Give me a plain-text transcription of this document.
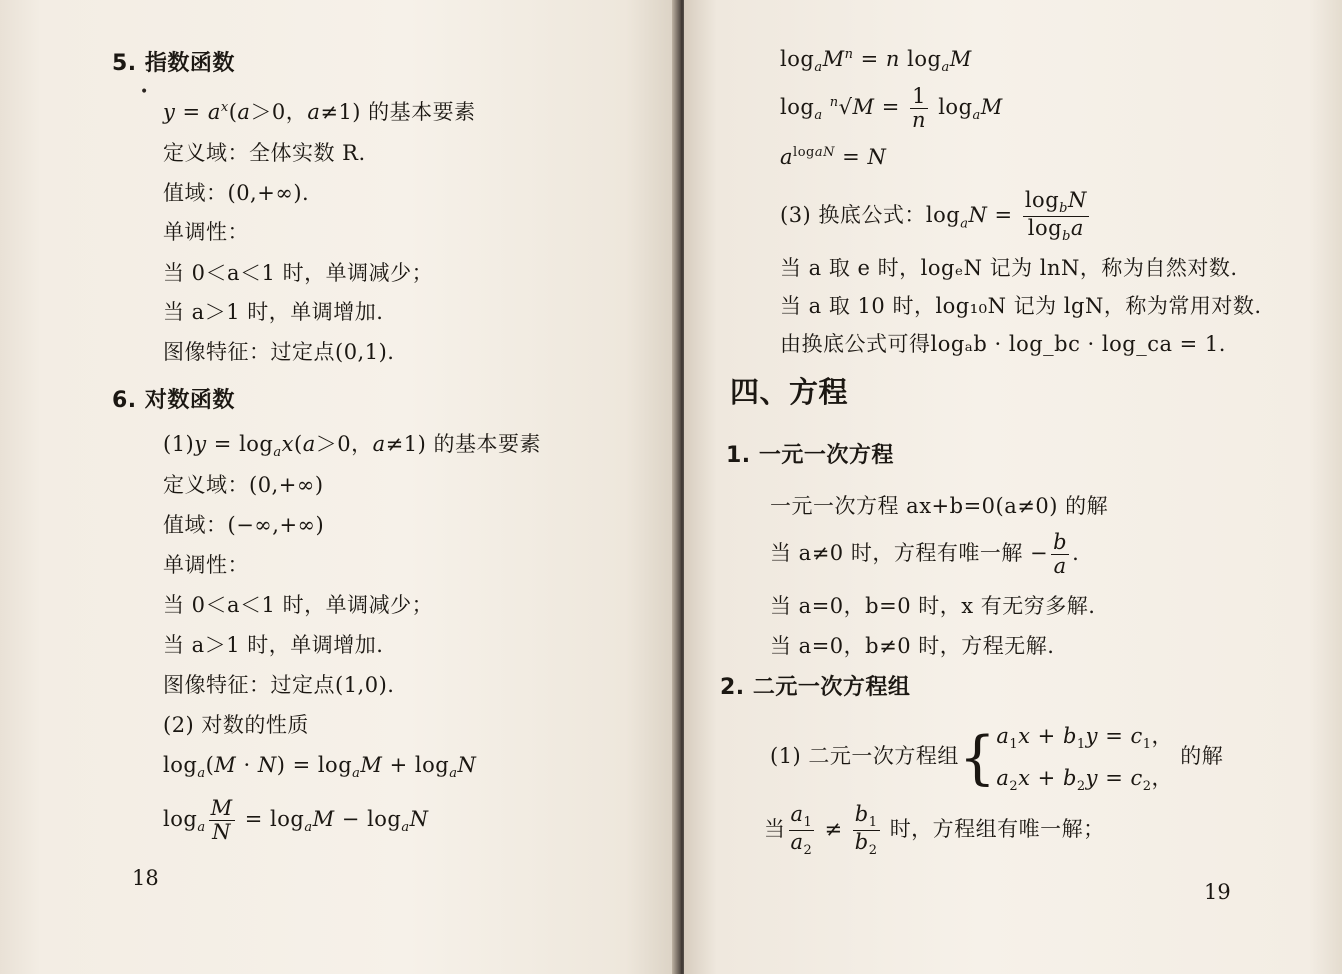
5. 指数函数
•
$y = a^x(a>0$，a≠1) 的基本要素
定义域：全体实数 R.
值域：(0,+∞).
单调性：
当 0＜a＜1 时，单调减少；
当 a＞1 时，单调增加.
图像特征：过定点(0,1).
6. 对数函数
$(1)y = \log_ax(a>0$，a≠1) 的基本要素
定义域：(0,+∞)
值域：(−∞,+∞)
单调性：
当 0＜a＜1 时，单调减少；
当 a＞1 时，单调增加.
图像特征：过定点(1,0).
(2) 对数的性质
$\log_a(M \cdot N) = \log_aM + \log_aN$
$\log_a \frac{M}{N} = \log_aM - \log_aN$
18
$\log_aM^n = n$ $\log_aM$
$\log_a ^n√M = \frac{1}{n} \log_aM$
$a^{logaN} = N$
(3) 换底公式：$\log_aN = \frac{\log_bN}{\log_ba}$
当 a 取 e 时，logₑN 记为 lnN，称为自然对数.
当 a 取 10 时，log₁₀N 记为 lgN，称为常用对数.
由换底公式可得logₐb · log_bc · log_ca = 1.
四、方程
1. 一元一次方程
一元一次方程 ax+b=0(a≠0) 的解
当 a≠0 时，方程有唯一解 − $\frac{b}{a}$ .
当 a=0，b=0 时，x 有无穷多解.
当 a=0，b≠0 时，方程无解.
2. 二元一次方程组
(1) 二元一次方程组{$a_1x + b_1y = c_1$，
$a_2x + b_2y = c_2$， 的解
当 $\frac{a_1}{a_2} \ne \frac{b_1}{b_2}$ 时，方程组有唯一解；
19
